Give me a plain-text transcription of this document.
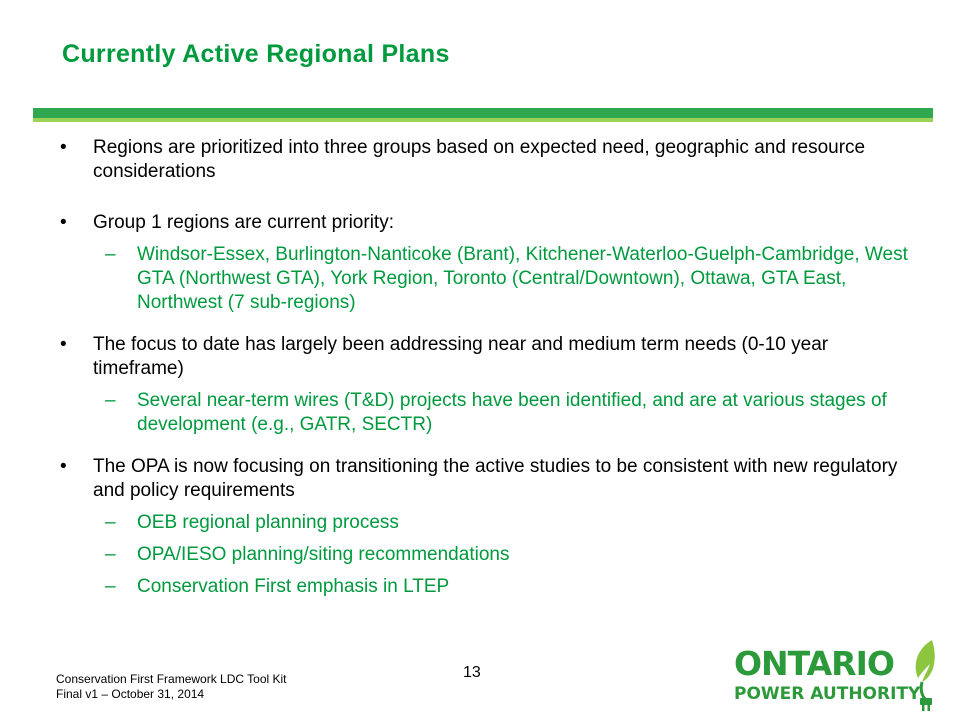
Currently Active Regional Plans
• Regions are prioritized into three groups based on expected need, geographic and resource considerations
• Group 1 regions are current priority:
– Windsor-Essex, Burlington-Nanticoke (Brant), Kitchener-Waterloo-Guelph-Cambridge, West GTA (Northwest GTA), York Region, Toronto (Central/Downtown), Ottawa, GTA East, Northwest (7 sub-regions)
• The focus to date has largely been addressing near and medium term needs (0-10 year timeframe)
– Several near-term wires (T&D) projects have been identified, and are at various stages of development (e.g., GATR, SECTR)
• The OPA is now focusing on transitioning the active studies to be consistent with new regulatory and policy requirements
– OEB regional planning process
– OPA/IESO planning/siting recommendations
– Conservation First emphasis in LTEP
Conservation First Framework LDC Tool Kit
Final v1 – October 31, 2014
13	ONTARIO
POWER AUTHORITY
